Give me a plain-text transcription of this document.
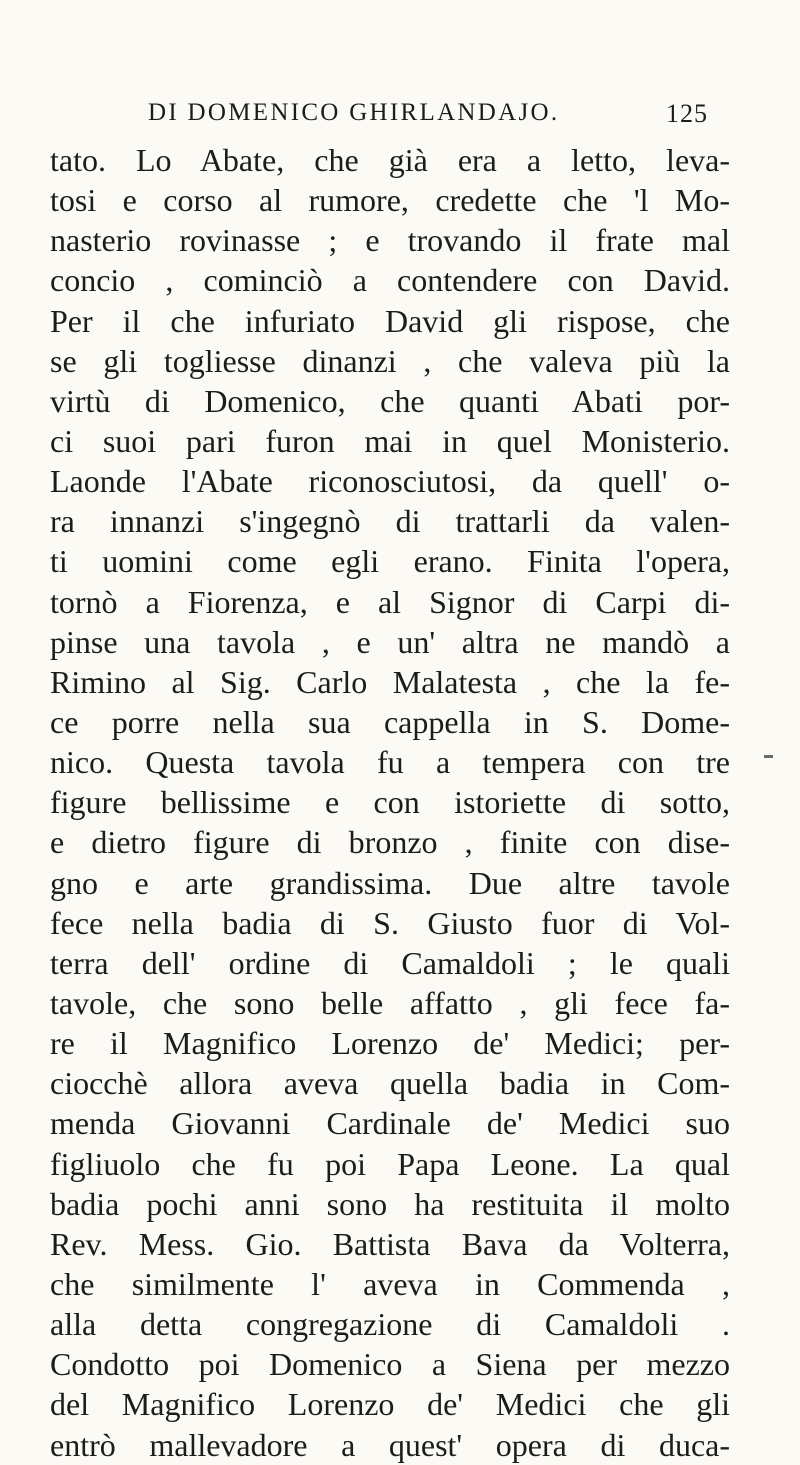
DI DOMENICO GHIRLANDAJO.	125
tato. Lo Abate, che già era a letto, leva-
tosi e corso al rumore, credette che 'l Mo-
nasterio rovinasse ; e trovando il frate mal
concio , cominciò a contendere con David.
Per il che infuriato David gli rispose, che
se gli togliesse dinanzi , che valeva più la
virtù di Domenico, che quanti Abati por-
ci suoi pari furon mai in quel Monisterio.
Laonde l'Abate riconosciutosi, da quell' o-
ra innanzi s'ingegnò di trattarli da valen-
ti uomini come egli erano. Finita l'opera,
tornò a Fiorenza, e al Signor di Carpi di-
pinse una tavola , e un' altra ne mandò a
Rimino al Sig. Carlo Malatesta , che la fe-
ce porre nella sua cappella in S. Dome-
nico. Questa tavola fu a tempera con tre
figure bellissime e con istoriette di sotto,
e dietro figure di bronzo , finite con dise-
gno e arte grandissima. Due altre tavole
fece nella badia di S. Giusto fuor di Vol-
terra dell' ordine di Camaldoli ; le quali
tavole, che sono belle affatto , gli fece fa-
re il Magnifico Lorenzo de' Medici; per-
ciocchè allora aveva quella badia in Com-
menda Giovanni Cardinale de' Medici suo
figliuolo che fu poi Papa Leone. La qual
badia pochi anni sono ha restituita il molto
Rev. Mess. Gio. Battista Bava da Volterra,
che similmente l' aveva in Commenda ,
alla detta congregazione di Camaldoli .
Condotto poi Domenico a Siena per mezzo
del Magnifico Lorenzo de' Medici che gli
entrò mallevadore a quest' opera di duca-
